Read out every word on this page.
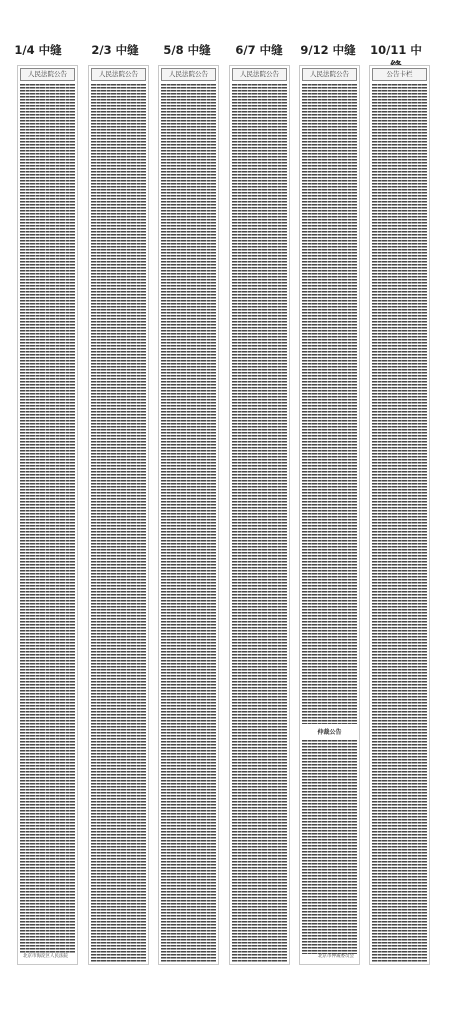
1/4 中缝	2/3 中缝	5/8 中缝	6/7 中缝	9/12 中缝	10/11 中
人民法院公告
北京市海淀区人民法院
人民法院公告	人民法院公告	人民法院公告	人民法院公告
仲裁公告
北京市仲裁委员会
公告卡栏
